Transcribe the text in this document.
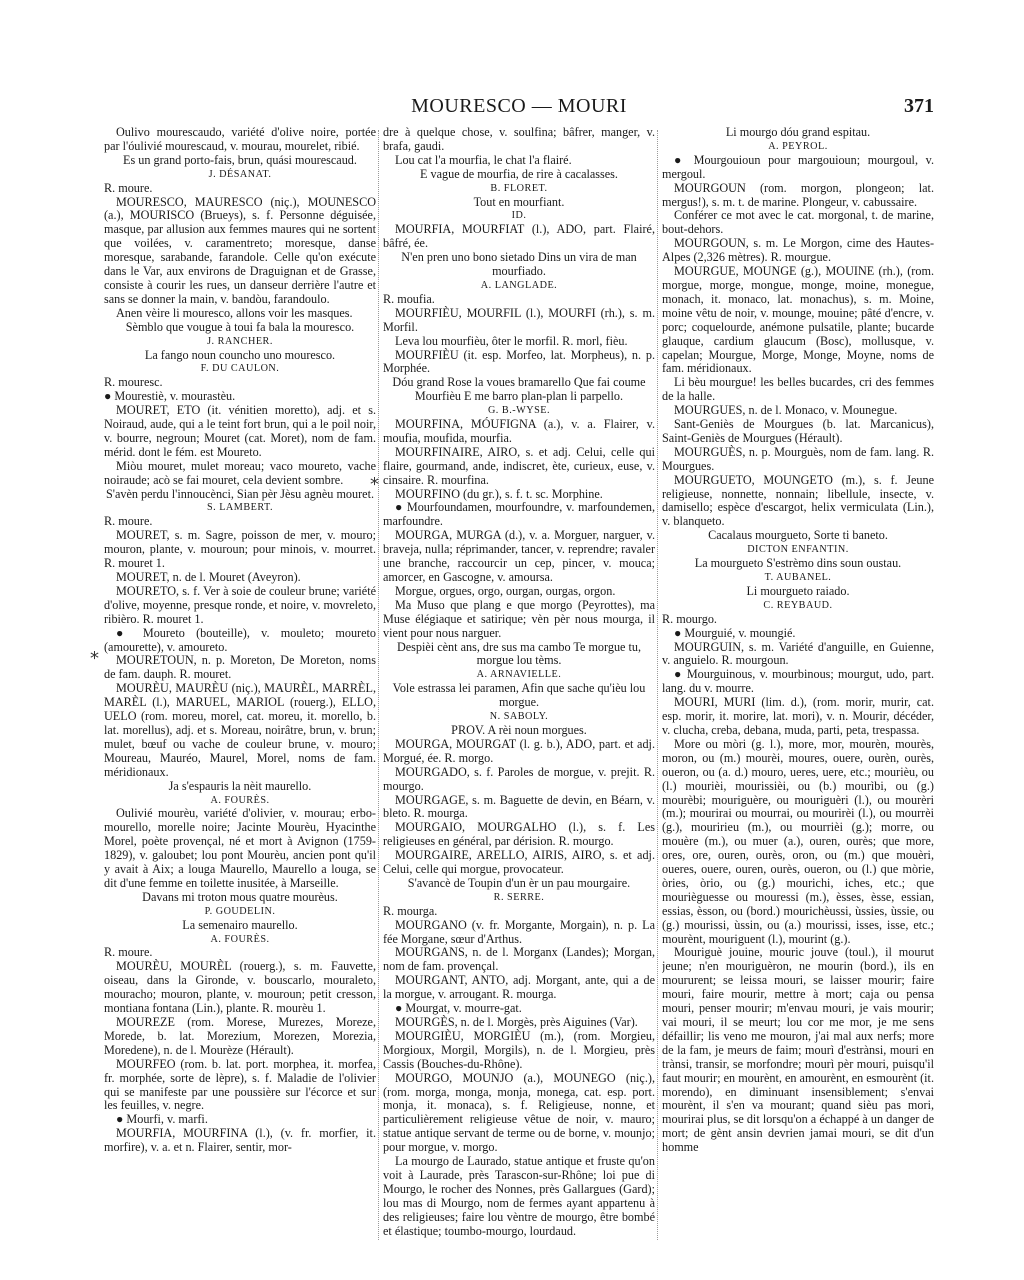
MOURESCO — MOURI	371
*
*

Oulivo mourescaudo, variété d'olive noire, portée par l'óulivié mourescaud, v. mourau, mourelet, ribié.

Es un grand porto-fais, brun, quási mourescaud.

J. DÉSANAT.

R. moure.

MOURESCO, MAURESCO (niç.), MOUNESCO (a.), MOURISCO (Brueys), s. f. Personne déguisée, masque, par allusion aux femmes maures qui ne sortent que voilées, v. caramentreto; moresque, danse moresque, sarabande, farandole. Celle qu'on exécute dans le Var, aux environs de Draguignan et de Grasse, consiste à courir les rues, un danseur derrière l'autre et sans se donner la main, v. bandòu, farandoulo.

Anen vèire li mouresco, allons voir les masques.

Sèmblo que vougue à toui fa bala la mouresco.

J. RANCHER.

La fango noun councho uno mouresco.

F. DU CAULON.

R. mouresc.

● Mourestiè, v. mourastèu.

MOURET, ETO (it. vénitien moretto), adj. et s. Noiraud, aude, qui a le teint fort brun, qui a le poil noir, v. bourre, negroun; Mouret (cat. Moret), nom de fam. mérid. dont le fém. est Moureto.

Miòu mouret, mulet moreau; vaco moureto, vache noiraude; acò se fai mouret, cela devient sombre.

S'avèn perdu l'innoucènci, Sian pèr Jèsu agnèu mouret.

S. LAMBERT.

R. moure.

MOURET, s. m. Sagre, poisson de mer, v. mouro; mouron, plante, v. mouroun; pour minois, v. mourret. R. mouret 1.

MOURET, n. de l. Mouret (Aveyron).

MOURETO, s. f. Ver à soie de couleur brune; variété d'olive, moyenne, presque ronde, et noire, v. movreleto, ribièro. R. mouret 1.

● Moureto (bouteille), v. mouleto; moureto (amourette), v. amoureto.

MOURETOUN, n. p. Moreton, De Moreton, noms de fam. dauph. R. mouret.

MOURÈU, MAURÈU (niç.), MAURÈL, MARRÈL, MARÈL (l.), MARUEL, MARIOL (rouerg.), ELLO, UELO (rom. moreu, morel, cat. moreu, it. morello, b. lat. morellus), adj. et s. Moreau, noirâtre, brun, v. brun; mulet, bœuf ou vache de couleur brune, v. mouro; Moureau, Mauréo, Maurel, Morel, noms de fam. méridionaux.

Ja s'espauris la nèit maurello.

A. FOURÈS.

Oulivié mourèu, variété d'olivier, v. mourau; erbo-mourello, morelle noire; Jacinte Mourèu, Hyacinthe Morel, poète provençal, né et mort à Avignon (1759-1829), v. galoubet; lou pont Mourèu, ancien pont qu'il y avait à Aix; a louga Maurello, Maurello a louga, se dit d'une femme en toilette inusitée, à Marseille.

Davans mi troton mous quatre mourèus.

P. GOUDELIN.

La semenairo maurello.

A. FOURÈS.

R. moure.

MOURÈU, MOURÈL (rouerg.), s. m. Fauvette, oiseau, dans la Gironde, v. bouscarlo, mouraleto, mouracho; mouron, plante, v. mouroun; petit cresson, montiana fontana (Lin.), plante. R. mourèu 1.

MOUREZE (rom. Morese, Murezes, Moreze, Morede, b. lat. Morezium, Morezen, Morezia, Moredene), n. de l. Mourèze (Hérault).

MOURFEO (rom. b. lat. port. morphea, it. morfea, fr. morphée, sorte de lèpre), s. f. Maladie de l'olivier qui se manifeste par une poussière sur l'écorce et sur les feuilles, v. negre.

● Mourfi, v. marfi.

MOURFIA, MOURFINA (l.), (v. fr. morfier, it. morfire), v. a. et n. Flairer, sentir, mor-

dre à quelque chose, v. soulfina; bâfrer, manger, v. brafa, gaudi.

Lou cat l'a mourfia, le chat l'a flairé.

E vague de mourfia, de rire à cacalasses.

B. FLORET.

Tout en mourfiant.

ID.

MOURFIA, MOURFIAT (l.), ADO, part. Flairé, bâfré, ée.

N'en pren uno bono sietado Dins un vira de man mourfiado.

A. LANGLADE.

R. moufia.

MOURFIÈU, MOURFIL (l.), MOURFI (rh.), s. m. Morfil.

Leva lou mourfièu, ôter le morfil. R. morl, fièu.

MOURFIÈU (it. esp. Morfeo, lat. Morpheus), n. p. Morphée.

Dóu grand Rose la voues bramarello Que fai coume Mourfièu E me barro plan-plan li parpello.

G. B.-WYSE.

MOURFINA, MÓUFIGNA (a.), v. a. Flairer, v. moufia, moufida, mourfia.

MOURFINAIRE, AIRO, s. et adj. Celui, celle qui flaire, gourmand, ande, indiscret, ète, curieux, euse, v. cinsaire. R. mourfina.

MOURFINO (du gr.), s. f. t. sc. Morphine.

● Mourfoundamen, mourfoundre, v. marfoundemen, marfoundre.

MOURGA, MURGA (d.), v. a. Morguer, narguer, v. braveja, nulla; réprimander, tancer, v. reprendre; ravaler une branche, raccourcir un cep, pincer, v. mouca; amorcer, en Gascogne, v. amoursa.

Morgue, orgues, orgo, ourgan, ourgas, orgon.

Ma Muso que plang e que morgo (Peyrottes), ma Muse élégiaque et satirique; vèn pèr nous mourga, il vient pour nous narguer.

Despièi cènt ans, dre sus ma cambo Te morgue tu, morgue lou tèms.

A. ARNAVIELLE.

Vole estrassa lei paramen, Afin que sache qu'ièu lou morgue.

N. SABOLY.

PROV. A rèi noun morgues.

MOURGA, MOURGAT (l. g. b.), ADO, part. et adj. Morgué, ée. R. morgo.

MOURGADO, s. f. Paroles de morgue, v. prejit. R. mourgo.

MOURGAGE, s. m. Baguette de devin, en Béarn, v. bleto. R. mourga.

MOURGAIO, MOURGALHO (l.), s. f. Les religieuses en général, par dérision. R. mourgo.

MOURGAIRE, ARELLO, AIRIS, AIRO, s. et adj. Celui, celle qui morgue, provocateur.

S'avancè de Toupin d'un èr un pau mourgaire.

R. SERRE.

R. mourga.

MOURGANO (v. fr. Morgante, Morgain), n. p. La fée Morgane, sœur d'Arthus.

MOURGANS, n. de l. Morganx (Landes); Morgan, nom de fam. provençal.

MOURGANT, ANTO, adj. Morgant, ante, qui a de la morgue, v. arrougant. R. mourga.

● Mourgat, v. mourre-gat.

MOURGÈS, n. de l. Morgès, près Aiguines (Var).

MOURGIÈU, MORGIÈU (m.), (rom. Morgieu, Morgioux, Morgil, Morgils), n. de l. Morgieu, près Cassis (Bouches-du-Rhône).

MOURGO, MOUNJO (a.), MOUNEGO (niç.), (rom. morga, monga, monja, monega, cat. esp. port. monja, it. monaca), s. f. Religieuse, nonne, et particulièrement religieuse vêtue de noir, v. mauro; statue antique servant de terme ou de borne, v. mounjo; pour morgue, v. morgo.

La mourgo de Laurado, statue antique et fruste qu'on voit à Laurade, près Tarascon-sur-Rhône; loi pue di Mourgo, le rocher des Nonnes, près Gallargues (Gard); lou mas di Mourgo, nom de fermes ayant appartenu à des religieuses; faire lou vèntre de mourgo, être bombé et élastique; toumbo-mourgo, lourdaud.

Li mourgo dóu grand espitau.

A. PEYROL.

● Mourgouioun pour margouioun; mourgoul, v. mergoul.

MOURGOUN (rom. morgon, plongeon; lat. mergus!), s. m. t. de marine. Plongeur, v. cabussaire.

Conférer ce mot avec le cat. morgonal, t. de marine, bout-dehors.

MOURGOUN, s. m. Le Morgon, cime des Hautes-Alpes (2,326 mètres). R. mourgue.

MOURGUE, MOUNGE (g.), MOUINE (rh.), (rom. morgue, morge, mongue, monge, moine, monegue, monach, it. monaco, lat. monachus), s. m. Moine, moine vêtu de noir, v. mounge, mouine; pâté d'encre, v. porc; coquelourde, anémone pulsatile, plante; bucarde glauque, cardium glaucum (Bosc), mollusque, v. capelan; Mourgue, Morge, Monge, Moyne, noms de fam. méridionaux.

Li bèu mourgue! les belles bucardes, cri des femmes de la halle.

MOURGUES, n. de l. Monaco, v. Mounegue.

Sant-Geniès de Mourgues (b. lat. Marcanicus), Saint-Geniès de Mourgues (Hérault).

MOURGUÈS, n. p. Mourguès, nom de fam. lang. R. Mourgues.

MOURGUETO, MOUNGETO (m.), s. f. Jeune religieuse, nonnette, nonnain; libellule, insecte, v. damisello; espèce d'escargot, helix vermiculata (Lin.), v. blanqueto.

Cacalaus mourgueto, Sorte ti baneto.

DICTON ENFANTIN.

La mourgueto S'estrèmo dins soun oustau.

T. AUBANEL.

Li mourgueto raiado.

C. REYBAUD.

R. mourgo.

● Mourguié, v. moungié.

MOURGUIN, s. m. Variété d'anguille, en Guienne, v. anguielo. R. mourgoun.

● Mourguinous, v. mourbinous; mourgut, udo, part. lang. du v. mourre.

MOURI, MURI (lim. d.), (rom. morir, murir, cat. esp. morir, it. morire, lat. mori), v. n. Mourir, décéder, v. clucha, creba, debana, muda, parti, peta, trespassa.

More ou mòri (g. l.), more, mor, mourèn, mourès, moron, ou (m.) mourèi, moures, ouere, ourèn, ourès, oueron, ou (a. d.) mouro, ueres, uere, etc.; mourièu, ou (l.) mourièi, mourissièi, ou (b.) mourìbi, ou (g.) mourèbi; mouriguère, ou mouriguèri (l.), ou mourèri (m.); mourirai ou mourrai, ou mourirèi (l.), ou mourrèi (g.), mouririeu (m.), ou mourrièi (g.); morre, ou mouère (m.), ou muer (a.), ouren, ourès; que more, ores, ore, ouren, ourès, oron, ou (m.) que mouèri, oueres, ouere, ouren, ourès, oueron, ou (l.) que mòrie, òries, òrio, ou (g.) mourichi, iches, etc.; que mourièguesse ou mouressi (m.), èsses, èsse, essian, essias, èsson, ou (bord.) mourichèussi, ùssies, ùssie, ou (g.) mourissi, ùssin, ou (a.) mourissi, isses, isse, etc.; mourènt, mouriguent (l.), mourint (g.).

Mouriguè jouine, mouric jouve (toul.), il mourut jeune; n'en mouriguèron, ne mourin (bord.), ils en moururent; se leissa mouri, se laisser mourir; faire mouri, faire mourir, mettre à mort; caja ou pensa mouri, penser mourir; m'envau mouri, je vais mourir; vai mouri, il se meurt; lou cor me mor, je me sens défaillir; lis veno me mouron, j'ai mal aux nerfs; more de la fam, je meurs de faim; mourì d'estrànsi, mouri en trànsi, transir, se morfondre; mourì pèr mouri, puisqu'il faut mourir; en mourènt, en amourènt, en esmourènt (it. morendo), en diminuant insensiblement; s'envai mourènt, il s'en va mourant; quand sièu pas mori, mourirai plus, se dit lorsqu'on a échappé à un danger de mort; de gènt ansin devrien jamai mouri, se dit d'un homme
